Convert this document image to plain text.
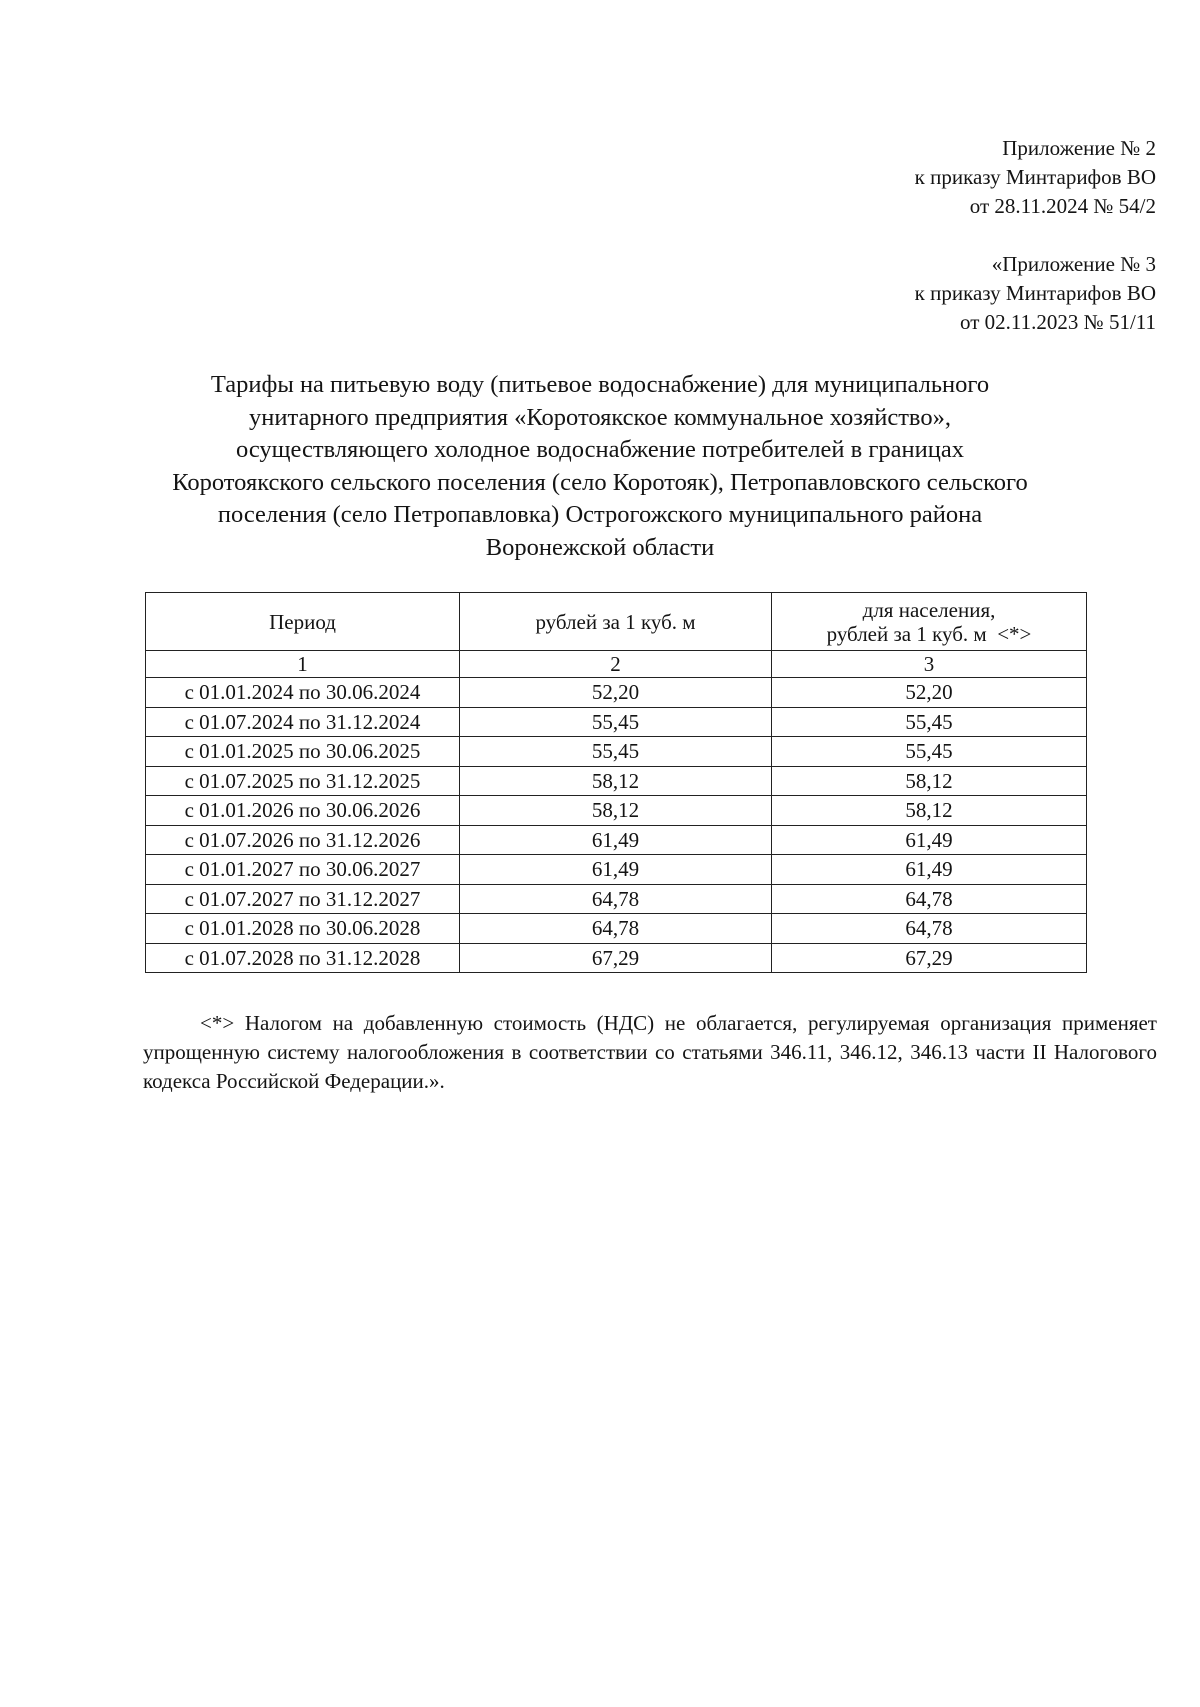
Приложение № 2
к приказу Минтарифов ВО
от 28.11.2024 № 54/2
«Приложение № 3
к приказу Минтарифов ВО
от 02.11.2023 № 51/11
Тарифы на питьевую воду (питьевое водоснабжение) для муниципального
унитарного предприятия «Коротоякское коммунальное хозяйство»,
осуществляющего холодное водоснабжение потребителей в границах
Коротоякского сельского поселения (село Коротояк), Петропавловского сельского
поселения (село Петропавловка) Острогожского муниципального района
Воронежской области
Период	рублей за 1 куб. м	для населения,
рублей за 1 куб. м  <*>
1	2	3
с 01.01.2024 по 30.06.2024	52,20	52,20
с 01.07.2024 по 31.12.2024	55,45	55,45
с 01.01.2025 по 30.06.2025	55,45	55,45
с 01.07.2025 по 31.12.2025	58,12	58,12
с 01.01.2026 по 30.06.2026	58,12	58,12
с 01.07.2026 по 31.12.2026	61,49	61,49
с 01.01.2027 по 30.06.2027	61,49	61,49
с 01.07.2027 по 31.12.2027	64,78	64,78
с 01.01.2028 по 30.06.2028	64,78	64,78
с 01.07.2028 по 31.12.2028	67,29	67,29
<*> Налогом на добавленную стоимость (НДС) не облагается, регулируемая организация применяет упрощенную систему налогообложения в соответствии со статьями 346.11, 346.12, 346.13 части II Налогового кодекса Российской Федерации.».
